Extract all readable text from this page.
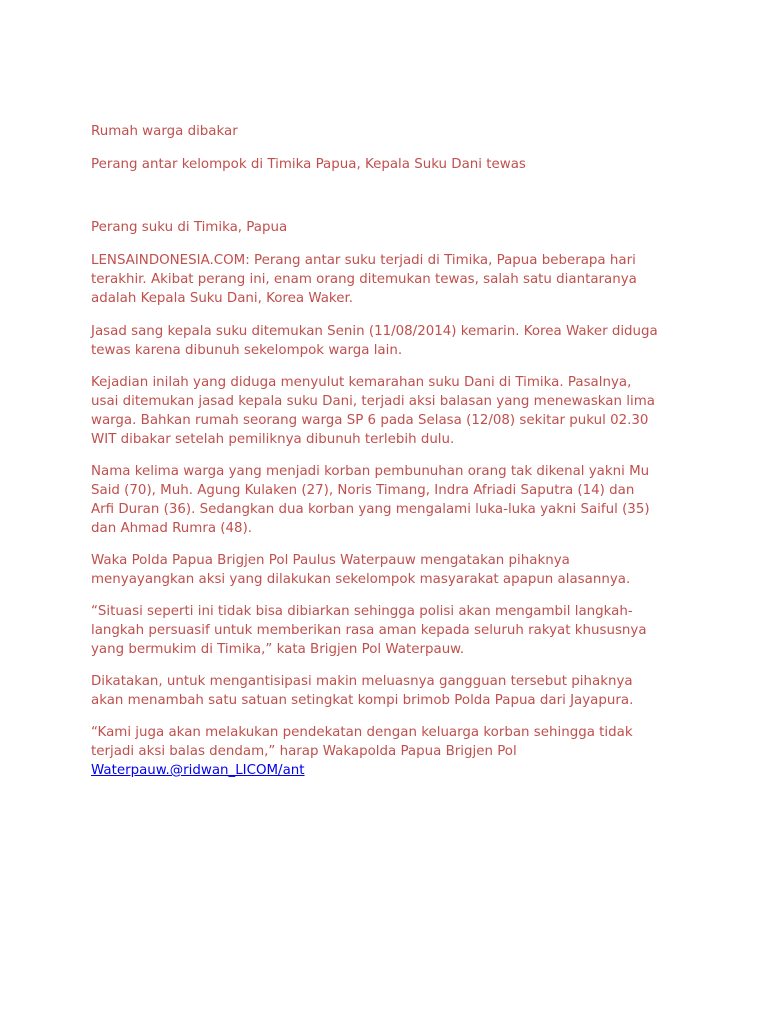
Rumah warga dibakar
Perang antar kelompok di Timika Papua, Kepala Suku Dani tewas
Perang suku di Timika, Papua
LENSAINDONESIA.COM: Perang antar suku terjadi di Timika, Papua beberapa hari
terakhir. Akibat perang ini, enam orang ditemukan tewas, salah satu diantaranya
adalah Kepala Suku Dani, Korea Waker.
Jasad sang kepala suku ditemukan Senin (11/08/2014) kemarin. Korea Waker diduga
tewas karena dibunuh sekelompok warga lain.
Kejadian inilah yang diduga menyulut kemarahan suku Dani di Timika. Pasalnya,
usai ditemukan jasad kepala suku Dani, terjadi aksi balasan yang menewaskan lima
warga. Bahkan rumah seorang warga SP 6 pada Selasa (12/08) sekitar pukul 02.30
WIT dibakar setelah pemiliknya dibunuh terlebih dulu.
Nama kelima warga yang menjadi korban pembunuhan orang tak dikenal yakni Mu
Said (70), Muh. Agung Kulaken (27), Noris Timang, Indra Afriadi Saputra (14) dan
Arfi Duran (36). Sedangkan dua korban yang mengalami luka-luka yakni Saiful (35)
dan Ahmad Rumra (48).
Waka Polda Papua Brigjen Pol Paulus Waterpauw mengatakan pihaknya
menyayangkan aksi yang dilakukan sekelompok masyarakat apapun alasannya.
“Situasi seperti ini tidak bisa dibiarkan sehingga polisi akan mengambil langkah-
langkah persuasif untuk memberikan rasa aman kepada seluruh rakyat khususnya
yang bermukim di Timika,” kata Brigjen Pol Waterpauw.
Dikatakan, untuk mengantisipasi makin meluasnya gangguan tersebut pihaknya
akan menambah satu satuan setingkat kompi brimob Polda Papua dari Jayapura.
“Kami juga akan melakukan pendekatan dengan keluarga korban sehingga tidak
terjadi aksi balas dendam,” harap Wakapolda Papua Brigjen Pol
Waterpauw.@ridwan_LICOM/ant
